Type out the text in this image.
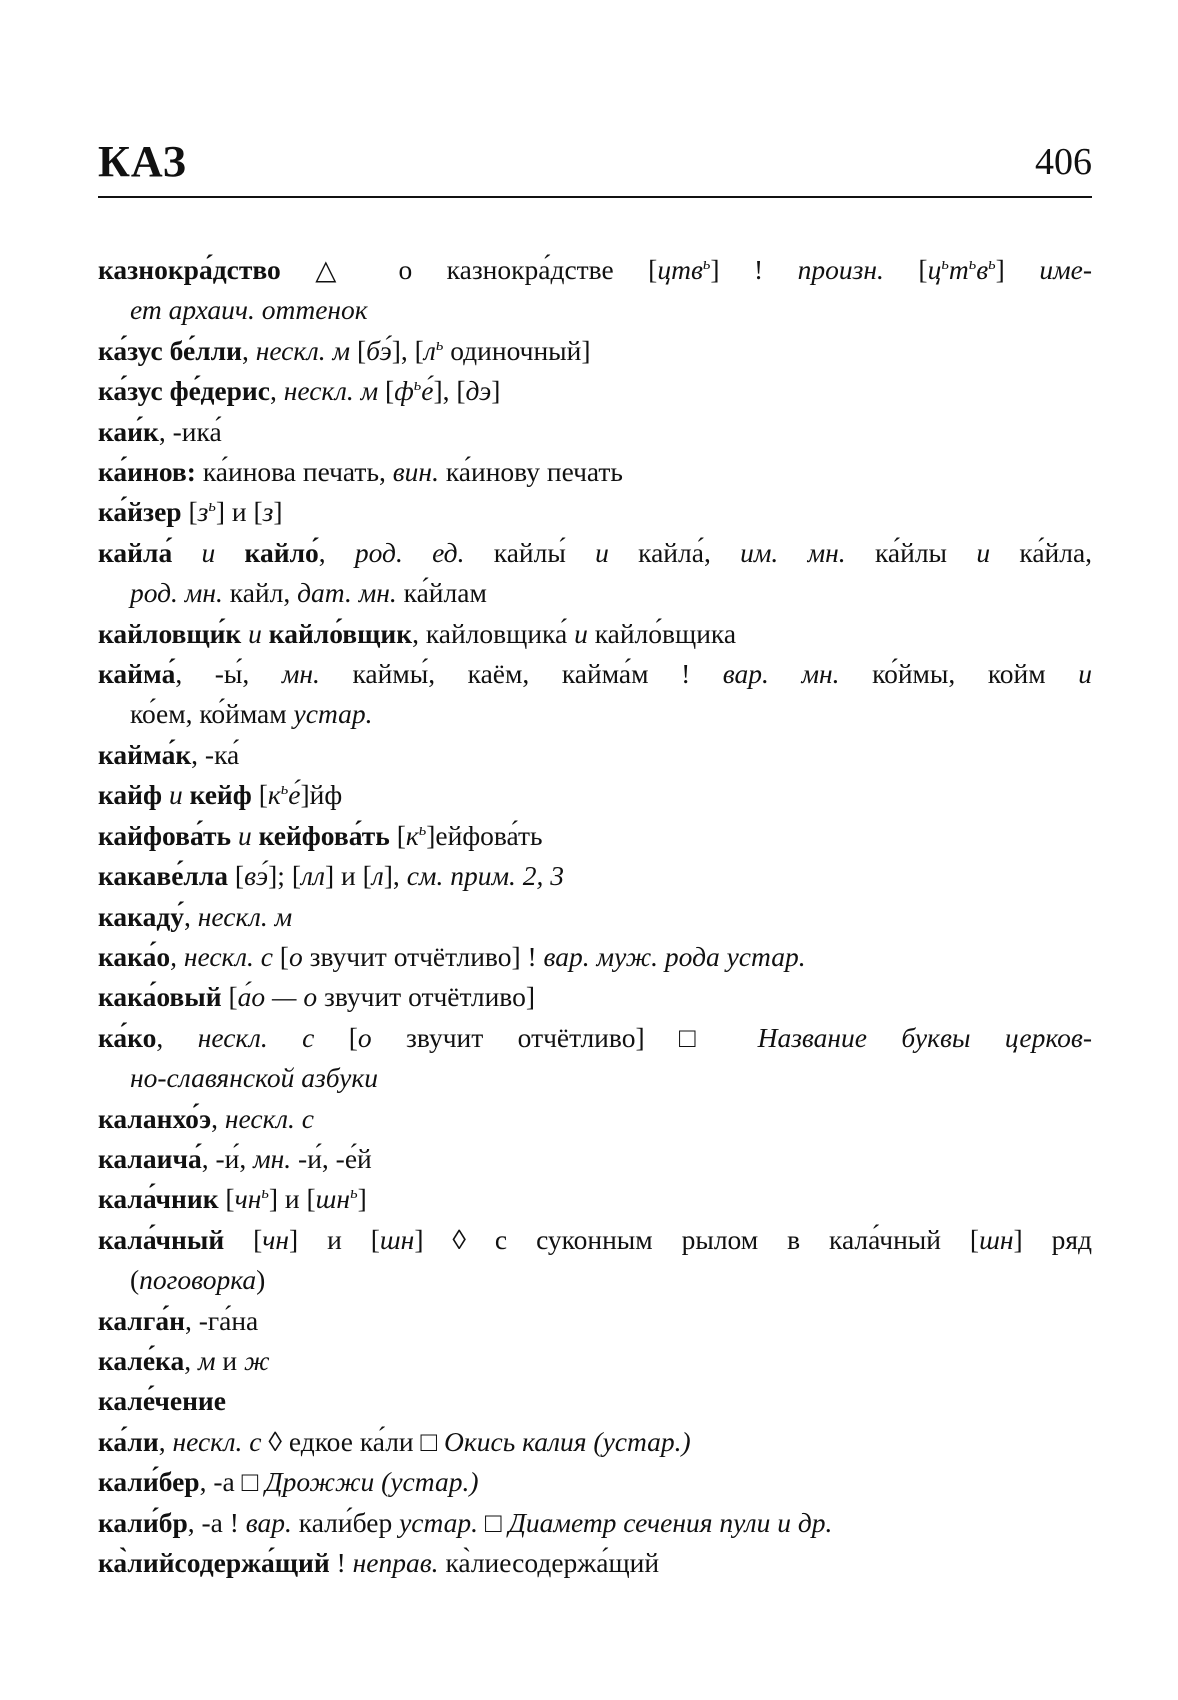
КАЗ	406
казнокра́дство △ о казнокра́дстве [цтв$^ь$] ! произн. $[ц^ьт^ьв^ь]$ име-
ет архаич. оттенок
ка́зус бе́лли, нескл. м [бэ́], [$л^ь$ одиночный]
ка́зус фе́дерис, нескл. м $[ф^ье́]$, [дэ]
каи́к, -ика́
ка́инов: ка́инова печать, вин. ка́инову печать
ка́йзер $[з^ь]$ и [з]
кайла́ и кайло́, род. ед. кайлы́ и кайла́, им. мн. ка́йлы и ка́йла,
род. мн. кайл, дат. мн. ка́йлам
кайловщи́к и кайло́вщик, кайловщика́ и кайло́вщика
кайма́, -ы́, мн. каймы́, каём, кайма́м ! вар. мн. ко́ймы, койм и
ко́ем, ко́ймам устар.
кайма́к, -ка́
кайф и кейф $[к^ье́]йф$
кайфова́ть и кейфова́ть $[к^ь]ейфова́ть$
какаве́лла [вэ́]; [лл] и [л], см. прим. 2, 3
какаду́, нескл. м
кака́о, нескл. с [о звучит отчётливо] ! вар. муж. рода устар.
кака́овый [а́о — о звучит отчётливо]
ка́ко, нескл. с [о звучит отчётливо] □ Название буквы церков-
но-славянской азбуки
каланхо́э, нескл. с
калaича́, -и́, мн. -и́, -е́й
кала́чник $[чн^ь]$ и $[шн^ь]$
кала́чный [чн] и [шн] ◊ с суконным рылом в кала́чный [шн] ряд
(поговорка)
калга́н, -га́на
кале́ка, м и ж
кале́чение
ка́ли, нескл. с ◊ едкое ка́ли □ Окись калия (устар.)
кали́бер, -а □ Дрожжи (устар.)
кали́бр, -а ! вар. кали́бер устар. □ Диаметр сечения пули и др.
ка̀лийсодержа́щий ! неправ. ка̀лиесодержа́щий
